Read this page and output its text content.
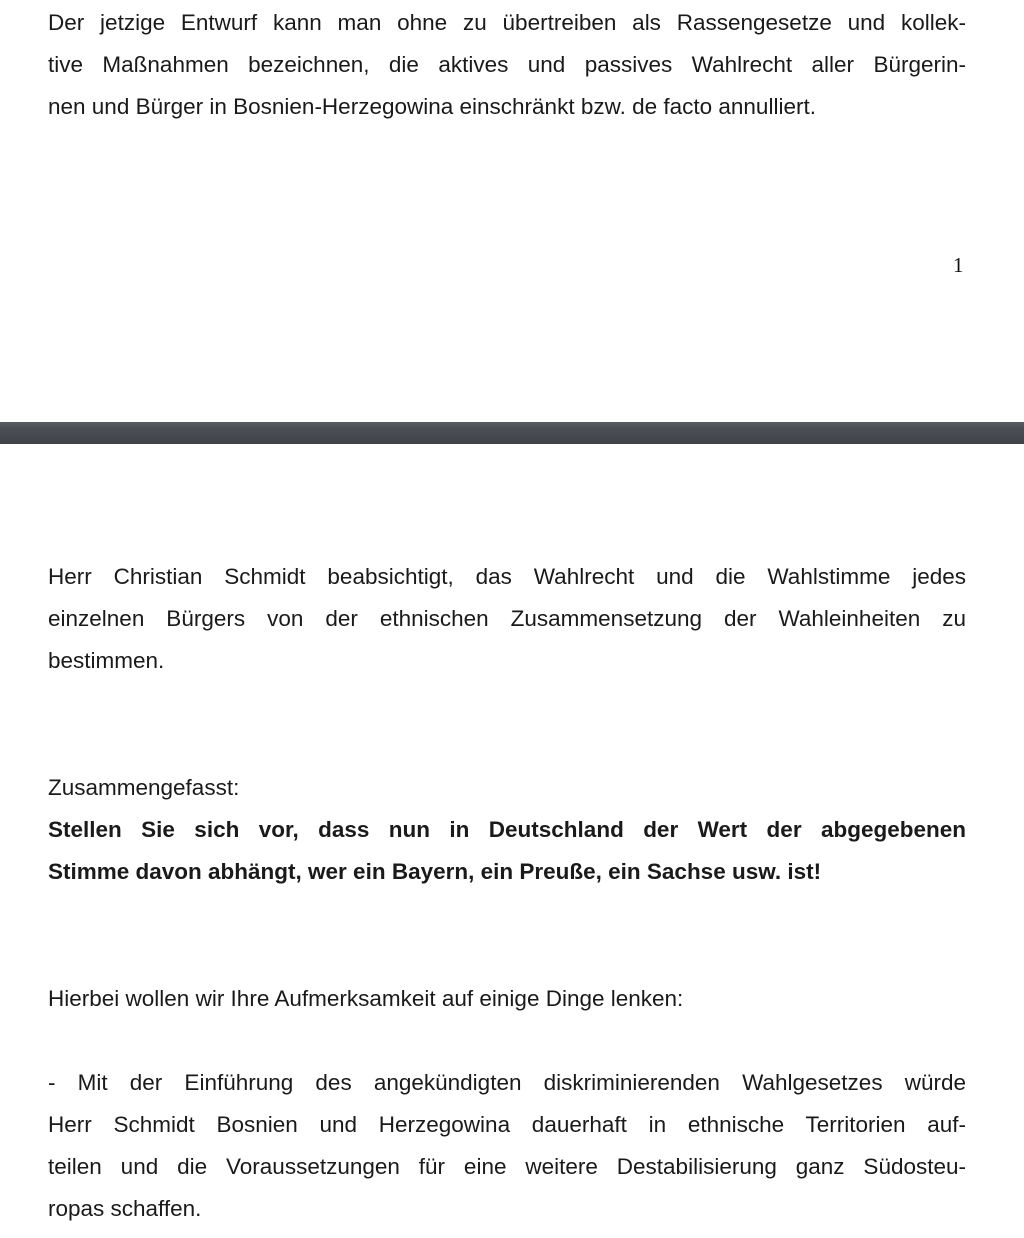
Der jetzige Entwurf kann man ohne zu übertreiben als Rassengesetze und kollek-
tive Maßnahmen bezeichnen, die aktives und passives Wahlrecht aller Bürgerin-
nen und Bürger in Bosnien-Herzegowina einschränkt bzw. de facto annulliert.

1

Herr Christian Schmidt beabsichtigt, das Wahlrecht und die Wahlstimme jedes
einzelnen Bürgers von der ethnischen Zusammensetzung der Wahleinheiten zu
bestimmen.

Zusammengefasst:

Stellen Sie sich vor, dass nun in Deutschland der Wert der abgegebenen
Stimme davon abhängt, wer ein Bayern, ein Preuße, ein Sachse usw. ist!

Hierbei wollen wir Ihre Aufmerksamkeit auf einige Dinge lenken:

- Mit der Einführung des angekündigten diskriminierenden Wahlgesetzes würde
Herr Schmidt Bosnien und Herzegowina dauerhaft in ethnische Territorien auf-
teilen und die Voraussetzungen für eine weitere Destabilisierung ganz Südosteu-
ropas schaffen.
